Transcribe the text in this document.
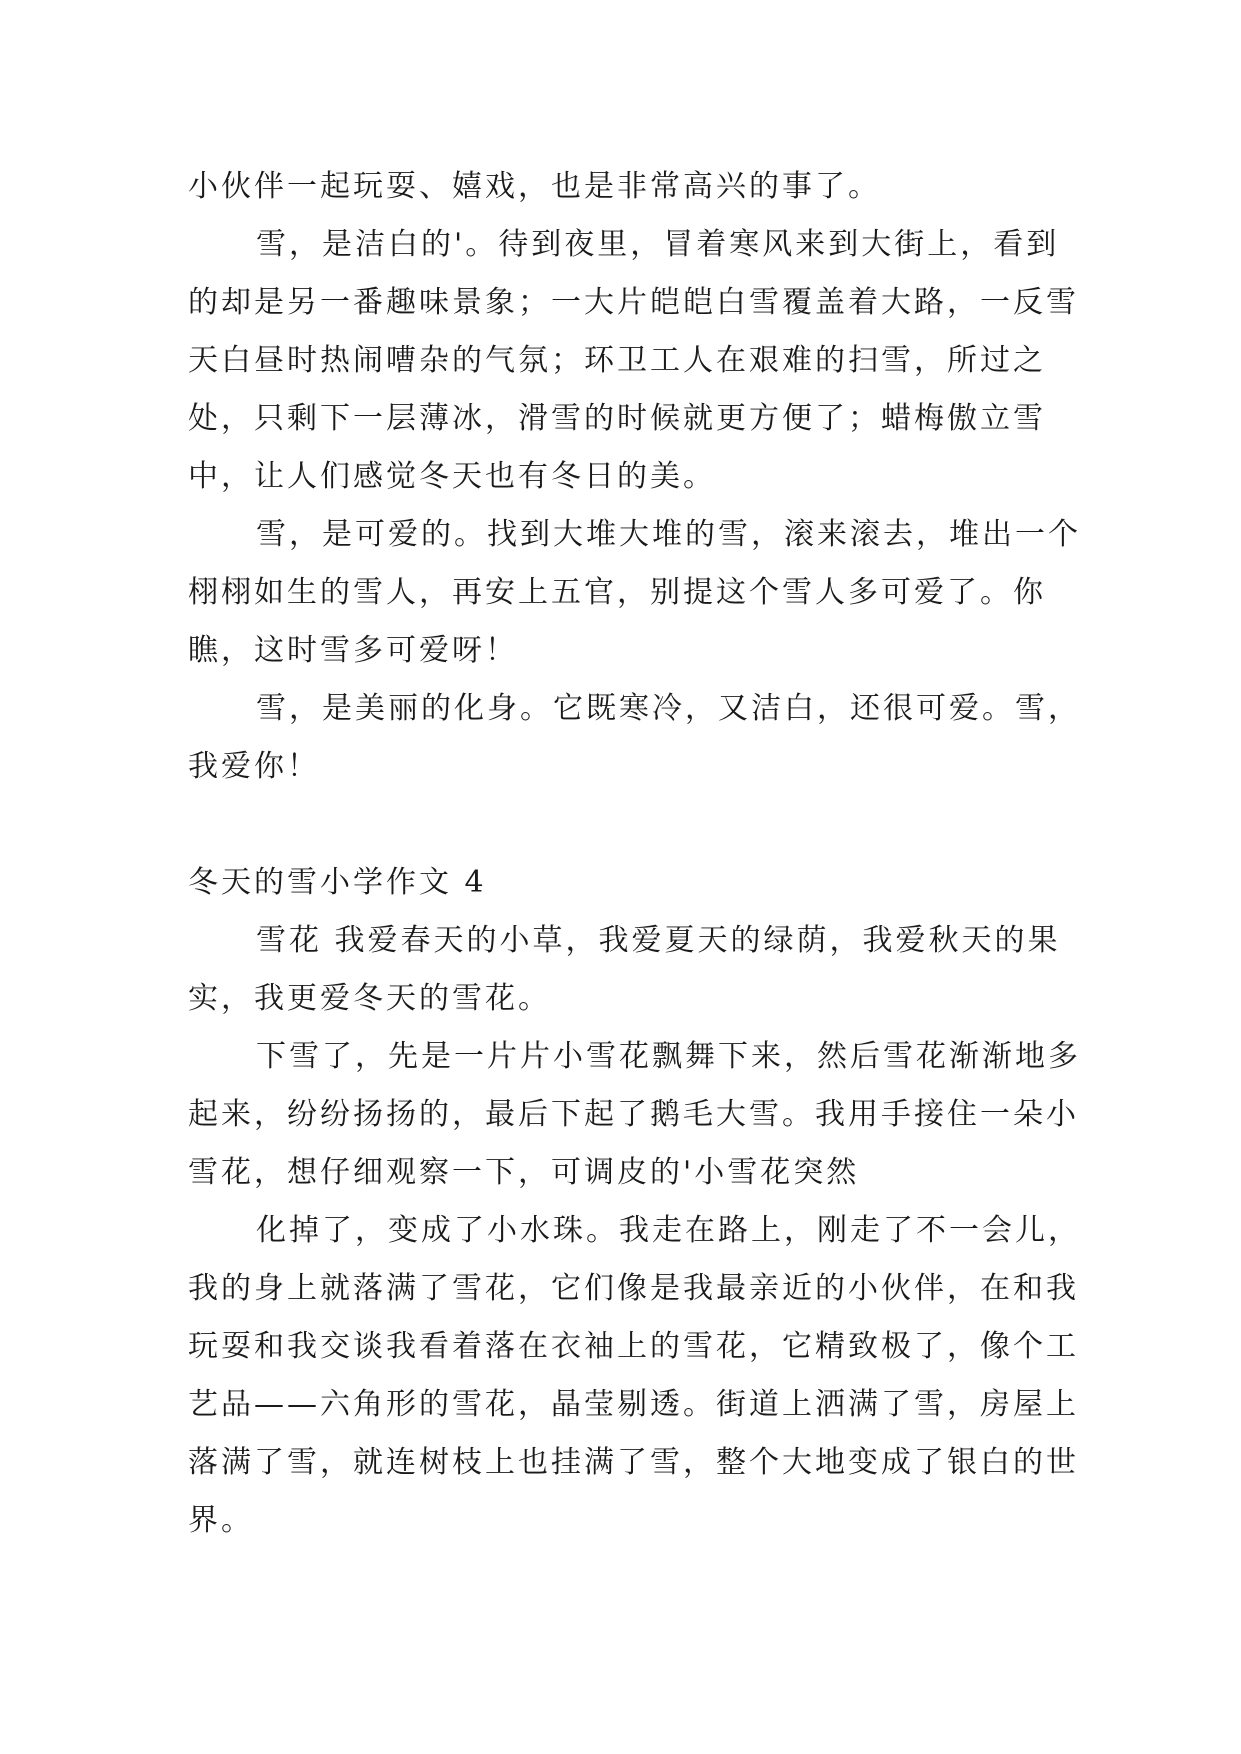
小伙伴一起玩耍、嬉戏，也是非常高兴的事了。

雪，是洁白的'。待到夜里，冒着寒风来到大街上，看到的却是另一番趣味景象；一大片皑皑白雪覆盖着大路，一反雪天白昼时热闹嘈杂的气氛；环卫工人在艰难的扫雪，所过之处，只剩下一层薄冰，滑雪的时候就更方便了；蜡梅傲立雪中，让人们感觉冬天也有冬日的美。

雪，是可爱的。找到大堆大堆的雪，滚来滚去，堆出一个栩栩如生的雪人，再安上五官，别提这个雪人多可爱了。你瞧，这时雪多可爱呀！

雪，是美丽的化身。它既寒冷，又洁白，还很可爱。雪，我爱你！

冬天的雪小学作文 4

雪花 我爱春天的小草，我爱夏天的绿荫，我爱秋天的果实，我更爱冬天的雪花。

下雪了，先是一片片小雪花飘舞下来，然后雪花渐渐地多起来，纷纷扬扬的，最后下起了鹅毛大雪。我用手接住一朵小雪花，想仔细观察一下，可调皮的'小雪花突然

化掉了，变成了小水珠。我走在路上，刚走了不一会儿，我的身上就落满了雪花，它们像是我最亲近的小伙伴，在和我玩耍和我交谈我看着落在衣袖上的雪花，它精致极了，像个工艺品——六角形的雪花，晶莹剔透。街道上洒满了雪，房屋上落满了雪，就连树枝上也挂满了雪，整个大地变成了银白的世界。
